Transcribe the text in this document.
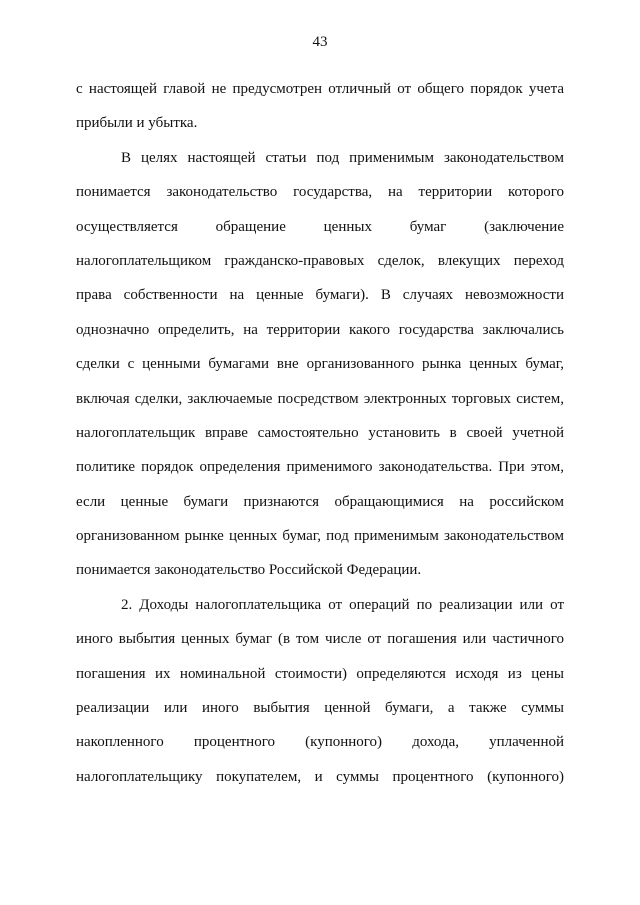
43
с настоящей главой не предусмотрен отличный от общего порядок учета
прибыли и убытка.
В целях настоящей статьи под применимым законодательством
понимается законодательство государства, на территории которого
осуществляется обращение ценных бумаг (заключение
налогоплательщиком гражданско-правовых сделок, влекущих переход
права собственности на ценные бумаги). В случаях невозможности
однозначно определить, на территории какого государства заключались
сделки с ценными бумагами вне организованного рынка ценных бумаг,
включая сделки, заключаемые посредством электронных торговых систем,
налогоплательщик вправе самостоятельно установить в своей учетной
политике порядок определения применимого законодательства. При этом,
если ценные бумаги признаются обращающимися на российском
организованном рынке ценных бумаг, под применимым законодательством
понимается законодательство Российской Федерации.
2. Доходы налогоплательщика от операций по реализации или от
иного выбытия ценных бумаг (в том числе от погашения или частичного
погашения их номинальной стоимости) определяются исходя из цены
реализации или иного выбытия ценной бумаги, а также суммы
накопленного процентного (купонного) дохода, уплаченной
налогоплательщику покупателем, и суммы процентного (купонного)
